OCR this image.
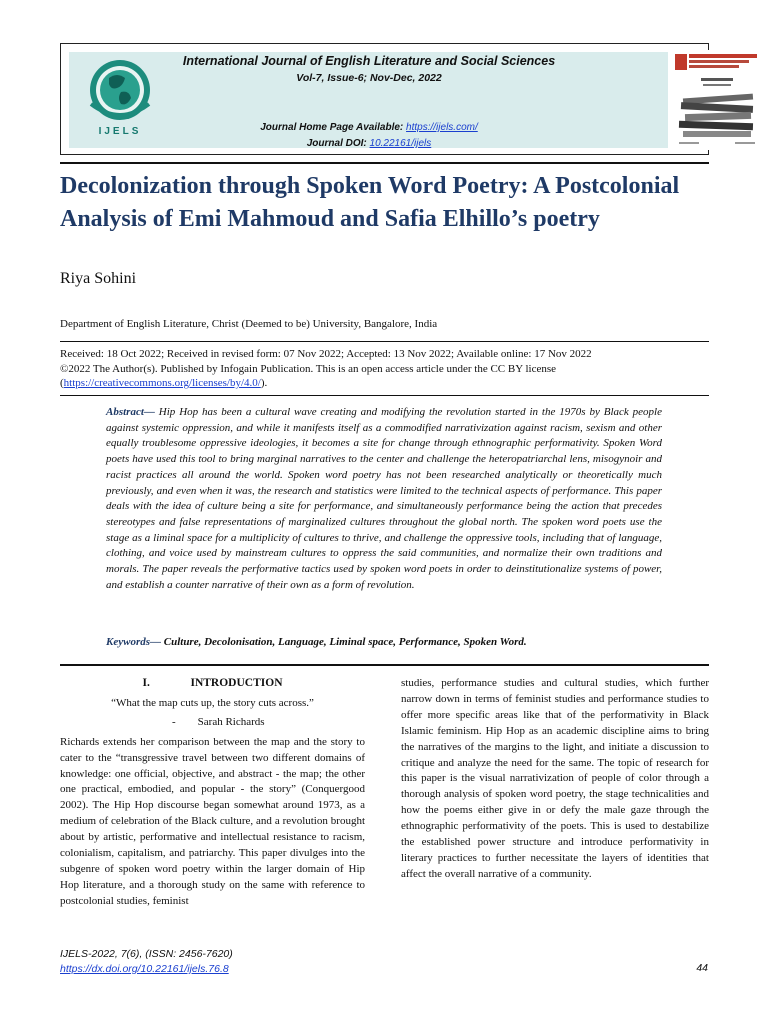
IJELS
International Journal of English Literature and Social Sciences
Vol-7, Issue-6; Nov-Dec, 2022
Journal Home Page Available: https://ijels.com/
Journal DOI: 10.22161/ijels
Decolonization through Spoken Word Poetry: A Postcolonial Analysis of Emi Mahmoud and Safia Elhillo’s poetry
Riya Sohini
Department of English Literature, Christ (Deemed to be) University, Bangalore, India
Received: 18 Oct 2022; Received in revised form: 07 Nov 2022; Accepted: 13 Nov 2022; Available online: 17 Nov 2022
©2022 The Author(s). Published by Infogain Publication. This is an open access article under the CC BY license
(https://creativecommons.org/licenses/by/4.0/).
Abstract— Hip Hop has been a cultural wave creating and modifying the revolution started in the 1970s by Black people against systemic oppression, and while it manifests itself as a commodified narrativization against racism, sexism and other equally troublesome oppressive ideologies, it becomes a site for change through ethnographic performativity. Spoken Word poets have used this tool to bring marginal narratives to the center and challenge the heteropatriarchal lens, misogynoir and racist practices all around the world. Spoken word poetry has not been researched analytically or theoretically much previously, and even when it was, the research and statistics were limited to the technical aspects of performance. This paper deals with the idea of culture being a site for performance, and simultaneously performance being the action that precedes stereotypes and false representations of marginalized cultures throughout the global north. The spoken word poets use the stage as a liminal space for a multiplicity of cultures to thrive, and challenge the oppressive tools, including that of language, clothing, and voice used by mainstream cultures to oppress the said communities, and normalize their own traditions and morals. The paper reveals the performative tactics used by spoken word poets in order to deinstitutionalize systems of power, and establish a counter narrative of their own as a form of revolution.
Keywords— Culture, Decolonisation, Language, Liminal space, Performance, Spoken Word.
I.	INTRODUCTION
“What the map cuts up, the story cuts across.”
-        Sarah Richards
Richards extends her comparison between the map and the story to cater to the “transgressive travel between two different domains of knowledge: one official, objective, and abstract - the map; the other one practical, embodied, and popular - the story” (Conquergood 2002). The Hip Hop discourse began somewhat around 1973, as a medium of celebration of the Black culture, and a revolution brought about by artistic, performative and intellectual resistance to racism, colonialism, capitalism, and patriarchy. This paper divulges into the subgenre of spoken word poetry within the larger domain of Hip Hop literature, and a thorough study on the same with reference to postcolonial studies, feminist
studies, performance studies and cultural studies, which further narrow down in terms of feminist studies and performance studies to offer more specific areas like that of the performativity in Black Islamic feminism. Hip Hop as an academic discipline aims to bring the narratives of the margins to the light, and initiate a discussion to critique and analyze the need for the same. The topic of research for this paper is the visual narrativization of people of color through a thorough analysis of spoken word poetry, the stage technicalities and how the poems either give in or defy the male gaze through the ethnographic performativity of the poets. This is used to destabilize the established power structure and introduce performativity in literary practices to further necessitate the layers of identities that affect the overall narrative of a community.
IJELS-2022, 7(6), (ISSN: 2456-7620)
https://dx.doi.org/10.22161/ijels.76.8	44
